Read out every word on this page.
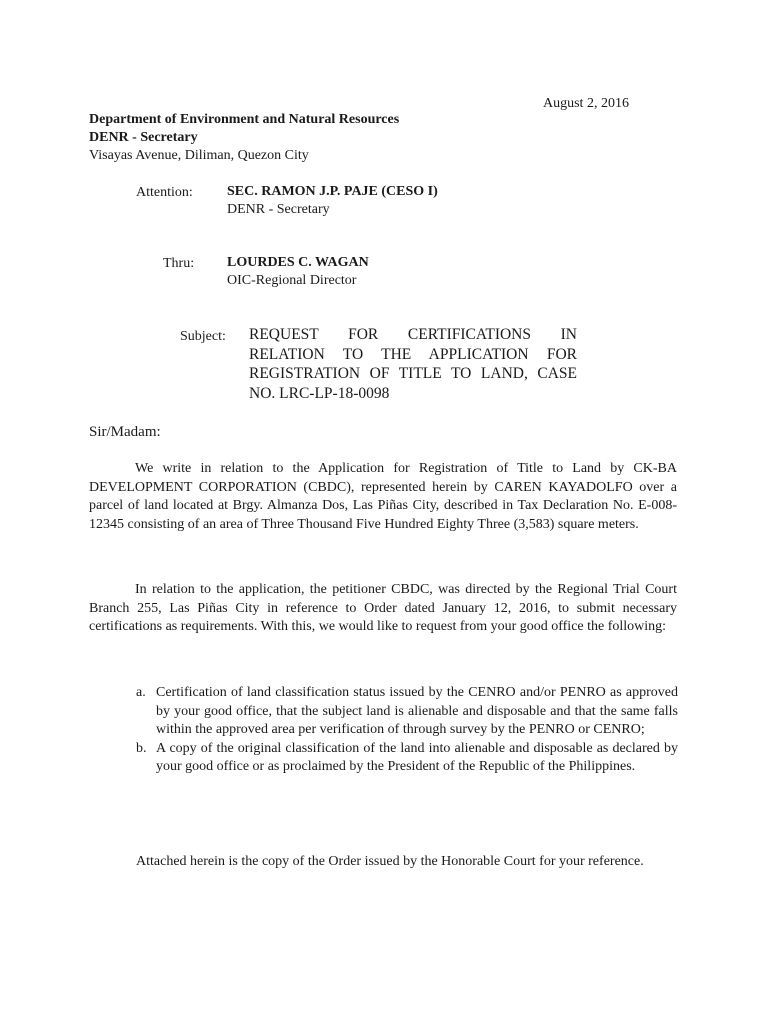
August 2, 2016
Department of Environment and Natural Resources
DENR - Secretary
Visayas Avenue, Diliman, Quezon City
Attention: SEC. RAMON J.P. PAJE (CESO I)
DENR - Secretary
Thru: LOURDES C. WAGAN
OIC-Regional Director
Subject: REQUEST FOR CERTIFICATIONS IN
RELATION TO THE APPLICATION FOR
REGISTRATION OF TITLE TO LAND, CASE
NO. LRC-LP-18-0098
Sir/Madam:
We write in relation to the Application for Registration of Title to Land by CK-BA DEVELOPMENT CORPORATION (CBDC), represented herein by CAREN KAYADOLFO over a parcel of land located at Brgy. Almanza Dos, Las Piñas City, described in Tax Declaration No. E-008-12345 consisting of an area of Three Thousand Five Hundred Eighty Three (3,583) square meters.
In relation to the application, the petitioner CBDC, was directed by the Regional Trial Court Branch 255, Las Piñas City in reference to Order dated January 12, 2016, to submit necessary certifications as requirements. With this, we would like to request from your good office the following:
a. Certification of land classification status issued by the CENRO and/or PENRO as approved by your good office, that the subject land is alienable and disposable and that the same falls within the approved area per verification of through survey by the PENRO or CENRO;
b. A copy of the original classification of the land into alienable and disposable as declared by your good office or as proclaimed by the President of the Republic of the Philippines.
Attached herein is the copy of the Order issued by the Honorable Court for your reference.
